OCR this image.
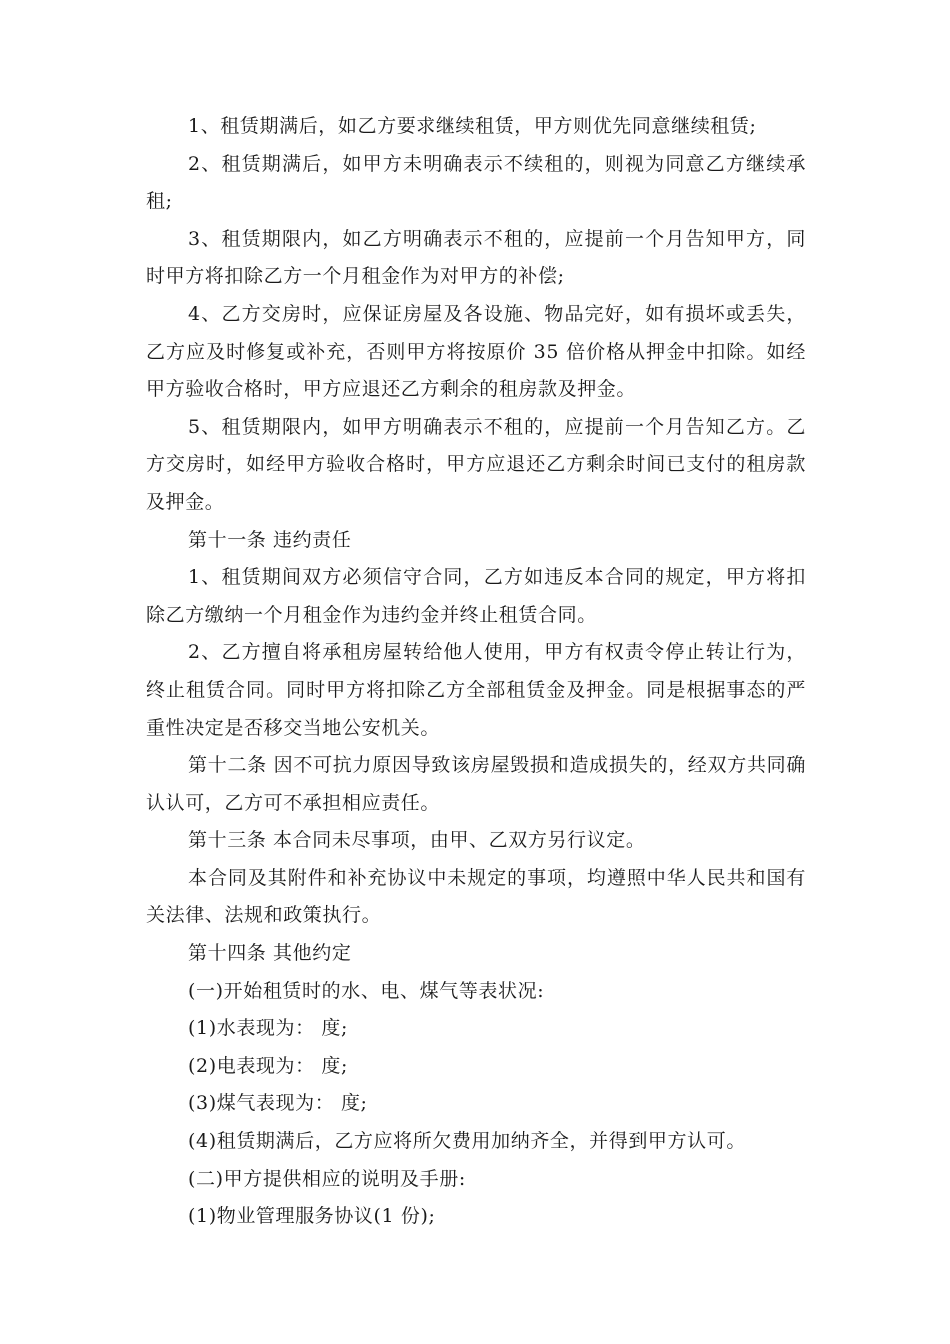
1、租赁期满后，如乙方要求继续租赁，甲方则优先同意继续租赁;

2、租赁期满后，如甲方未明确表示不续租的，则视为同意乙方继续承租;

3、租赁期限内，如乙方明确表示不租的，应提前一个月告知甲方，同时甲方将扣除乙方一个月租金作为对甲方的补偿;

4、乙方交房时，应保证房屋及各设施、物品完好，如有损坏或丢失，乙方应及时修复或补充，否则甲方将按原价 35 倍价格从押金中扣除。如经甲方验收合格时，甲方应退还乙方剩余的租房款及押金。

5、租赁期限内，如甲方明确表示不租的，应提前一个月告知乙方。乙方交房时，如经甲方验收合格时，甲方应退还乙方剩余时间已支付的租房款及押金。

第十一条 违约责任

1、租赁期间双方必须信守合同，乙方如违反本合同的规定，甲方将扣除乙方缴纳一个月租金作为违约金并终止租赁合同。

2、乙方擅自将承租房屋转给他人使用，甲方有权责令停止转让行为，终止租赁合同。同时甲方将扣除乙方全部租赁金及押金。同是根据事态的严重性决定是否移交当地公安机关。

第十二条 因不可抗力原因导致该房屋毁损和造成损失的，经双方共同确认认可，乙方可不承担相应责任。

第十三条 本合同未尽事项，由甲、乙双方另行议定。

本合同及其附件和补充协议中未规定的事项，均遵照中华人民共和国有关法律、法规和政策执行。

第十四条 其他约定

(一)开始租赁时的水、电、煤气等表状况:

(1)水表现为： 度;

(2)电表现为： 度;

(3)煤气表现为： 度;

(4)租赁期满后，乙方应将所欠费用加纳齐全，并得到甲方认可。

(二)甲方提供相应的说明及手册:

(1)物业管理服务协议(1 份);
